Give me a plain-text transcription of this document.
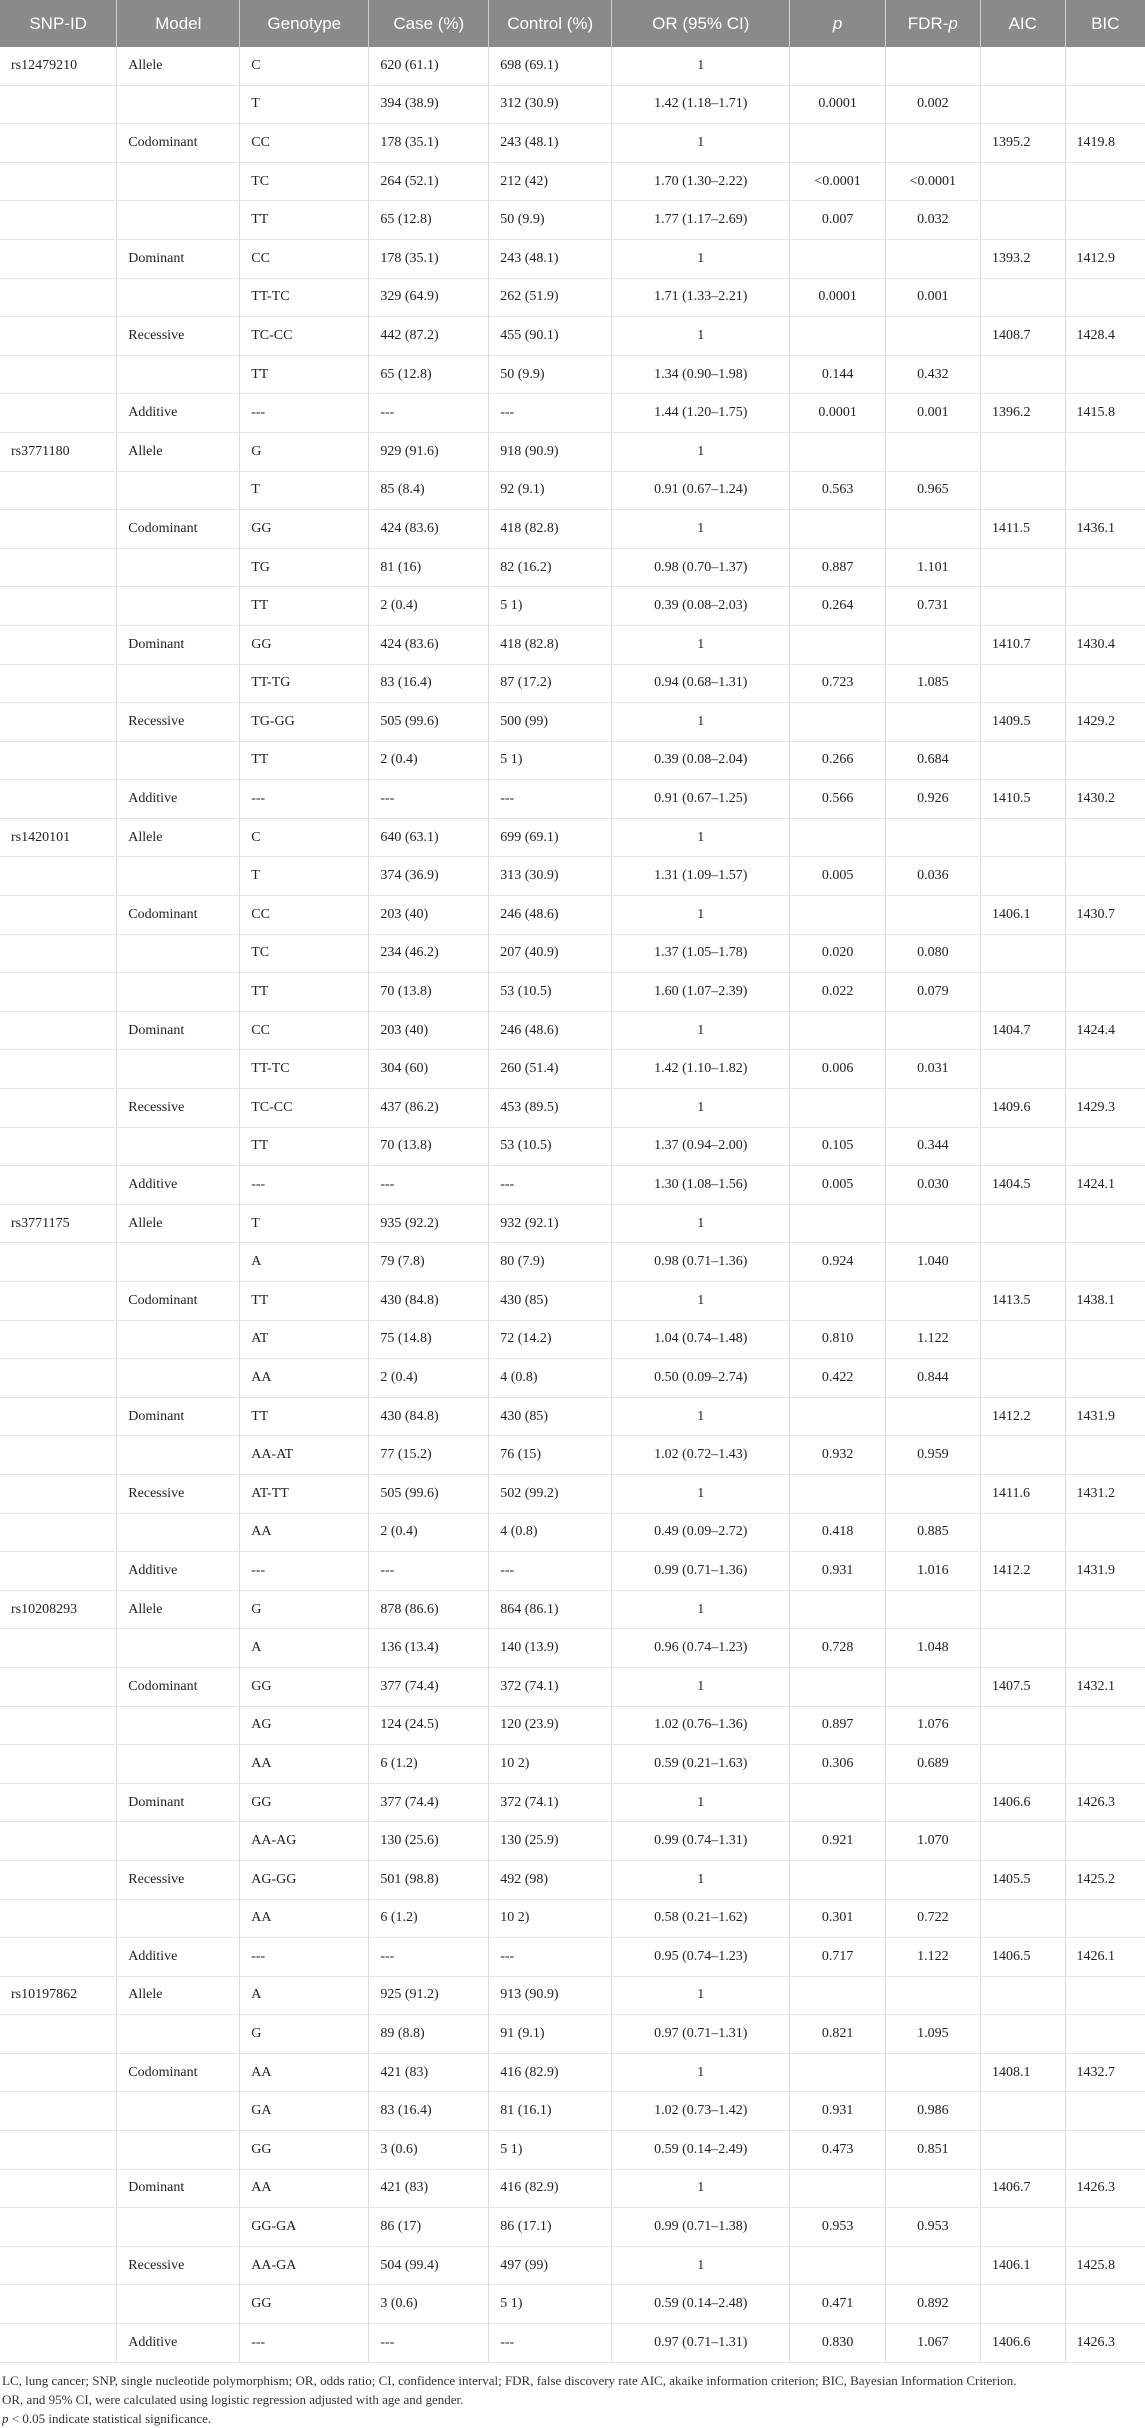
SNP-ID	Model	Genotype	Case (%)	Control (%)	OR (95% CI)	p	FDR-p	AIC	BIC
rs12479210	Allele	C	620 (61.1)	698 (69.1)	1				
		T	394 (38.9)	312 (30.9)	1.42 (1.18–1.71)	0.0001	0.002		
	Codominant	CC	178 (35.1)	243 (48.1)	1			1395.2	1419.8
		TC	264 (52.1)	212 (42)	1.70 (1.30–2.22)	<0.0001	<0.0001		
		TT	65 (12.8)	50 (9.9)	1.77 (1.17–2.69)	0.007	0.032		
	Dominant	CC	178 (35.1)	243 (48.1)	1			1393.2	1412.9
		TT-TC	329 (64.9)	262 (51.9)	1.71 (1.33–2.21)	0.0001	0.001		
	Recessive	TC-CC	442 (87.2)	455 (90.1)	1			1408.7	1428.4
		TT	65 (12.8)	50 (9.9)	1.34 (0.90–1.98)	0.144	0.432		
	Additive	---	---	---	1.44 (1.20–1.75)	0.0001	0.001	1396.2	1415.8
rs3771180	Allele	G	929 (91.6)	918 (90.9)	1				
		T	85 (8.4)	92 (9.1)	0.91 (0.67–1.24)	0.563	0.965		
	Codominant	GG	424 (83.6)	418 (82.8)	1			1411.5	1436.1
		TG	81 (16)	82 (16.2)	0.98 (0.70–1.37)	0.887	1.101		
		TT	2 (0.4)	5 1)	0.39 (0.08–2.03)	0.264	0.731		
	Dominant	GG	424 (83.6)	418 (82.8)	1			1410.7	1430.4
		TT-TG	83 (16.4)	87 (17.2)	0.94 (0.68–1.31)	0.723	1.085		
	Recessive	TG-GG	505 (99.6)	500 (99)	1			1409.5	1429.2
		TT	2 (0.4)	5 1)	0.39 (0.08–2.04)	0.266	0.684		
	Additive	---	---	---	0.91 (0.67–1.25)	0.566	0.926	1410.5	1430.2
rs1420101	Allele	C	640 (63.1)	699 (69.1)	1				
		T	374 (36.9)	313 (30.9)	1.31 (1.09–1.57)	0.005	0.036		
	Codominant	CC	203 (40)	246 (48.6)	1			1406.1	1430.7
		TC	234 (46.2)	207 (40.9)	1.37 (1.05–1.78)	0.020	0.080		
		TT	70 (13.8)	53 (10.5)	1.60 (1.07–2.39)	0.022	0.079		
	Dominant	CC	203 (40)	246 (48.6)	1			1404.7	1424.4
		TT-TC	304 (60)	260 (51.4)	1.42 (1.10–1.82)	0.006	0.031		
	Recessive	TC-CC	437 (86.2)	453 (89.5)	1			1409.6	1429.3
		TT	70 (13.8)	53 (10.5)	1.37 (0.94–2.00)	0.105	0.344		
	Additive	---	---	---	1.30 (1.08–1.56)	0.005	0.030	1404.5	1424.1
rs3771175	Allele	T	935 (92.2)	932 (92.1)	1				
		A	79 (7.8)	80 (7.9)	0.98 (0.71–1.36)	0.924	1.040		
	Codominant	TT	430 (84.8)	430 (85)	1			1413.5	1438.1
		AT	75 (14.8)	72 (14.2)	1.04 (0.74–1.48)	0.810	1.122		
		AA	2 (0.4)	4 (0.8)	0.50 (0.09–2.74)	0.422	0.844		
	Dominant	TT	430 (84.8)	430 (85)	1			1412.2	1431.9
		AA-AT	77 (15.2)	76 (15)	1.02 (0.72–1.43)	0.932	0.959		
	Recessive	AT-TT	505 (99.6)	502 (99.2)	1			1411.6	1431.2
		AA	2 (0.4)	4 (0.8)	0.49 (0.09–2.72)	0.418	0.885		
	Additive	---	---	---	0.99 (0.71–1.36)	0.931	1.016	1412.2	1431.9
rs10208293	Allele	G	878 (86.6)	864 (86.1)	1				
		A	136 (13.4)	140 (13.9)	0.96 (0.74–1.23)	0.728	1.048		
	Codominant	GG	377 (74.4)	372 (74.1)	1			1407.5	1432.1
		AG	124 (24.5)	120 (23.9)	1.02 (0.76–1.36)	0.897	1.076		
		AA	6 (1.2)	10 2)	0.59 (0.21–1.63)	0.306	0.689		
	Dominant	GG	377 (74.4)	372 (74.1)	1			1406.6	1426.3
		AA-AG	130 (25.6)	130 (25.9)	0.99 (0.74–1.31)	0.921	1.070		
	Recessive	AG-GG	501 (98.8)	492 (98)	1			1405.5	1425.2
		AA	6 (1.2)	10 2)	0.58 (0.21–1.62)	0.301	0.722		
	Additive	---	---	---	0.95 (0.74–1.23)	0.717	1.122	1406.5	1426.1
rs10197862	Allele	A	925 (91.2)	913 (90.9)	1				
		G	89 (8.8)	91 (9.1)	0.97 (0.71–1.31)	0.821	1.095		
	Codominant	AA	421 (83)	416 (82.9)	1			1408.1	1432.7
		GA	83 (16.4)	81 (16.1)	1.02 (0.73–1.42)	0.931	0.986		
		GG	3 (0.6)	5 1)	0.59 (0.14–2.49)	0.473	0.851		
	Dominant	AA	421 (83)	416 (82.9)	1			1406.7	1426.3
		GG-GA	86 (17)	86 (17.1)	0.99 (0.71–1.38)	0.953	0.953		
	Recessive	AA-GA	504 (99.4)	497 (99)	1			1406.1	1425.8
		GG	3 (0.6)	5 1)	0.59 (0.14–2.48)	0.471	0.892		
	Additive	---	---	---	0.97 (0.71–1.31)	0.830	1.067	1406.6	1426.3
LC, lung cancer; SNP, single nucleotide polymorphism; OR, odds ratio; CI, confidence interval; FDR, false discovery rate AIC, akaike information criterion; BIC, Bayesian Information Criterion.
OR, and 95% CI, were calculated using logistic regression adjusted with age and gender.
p < 0.05 indicate statistical significance.
